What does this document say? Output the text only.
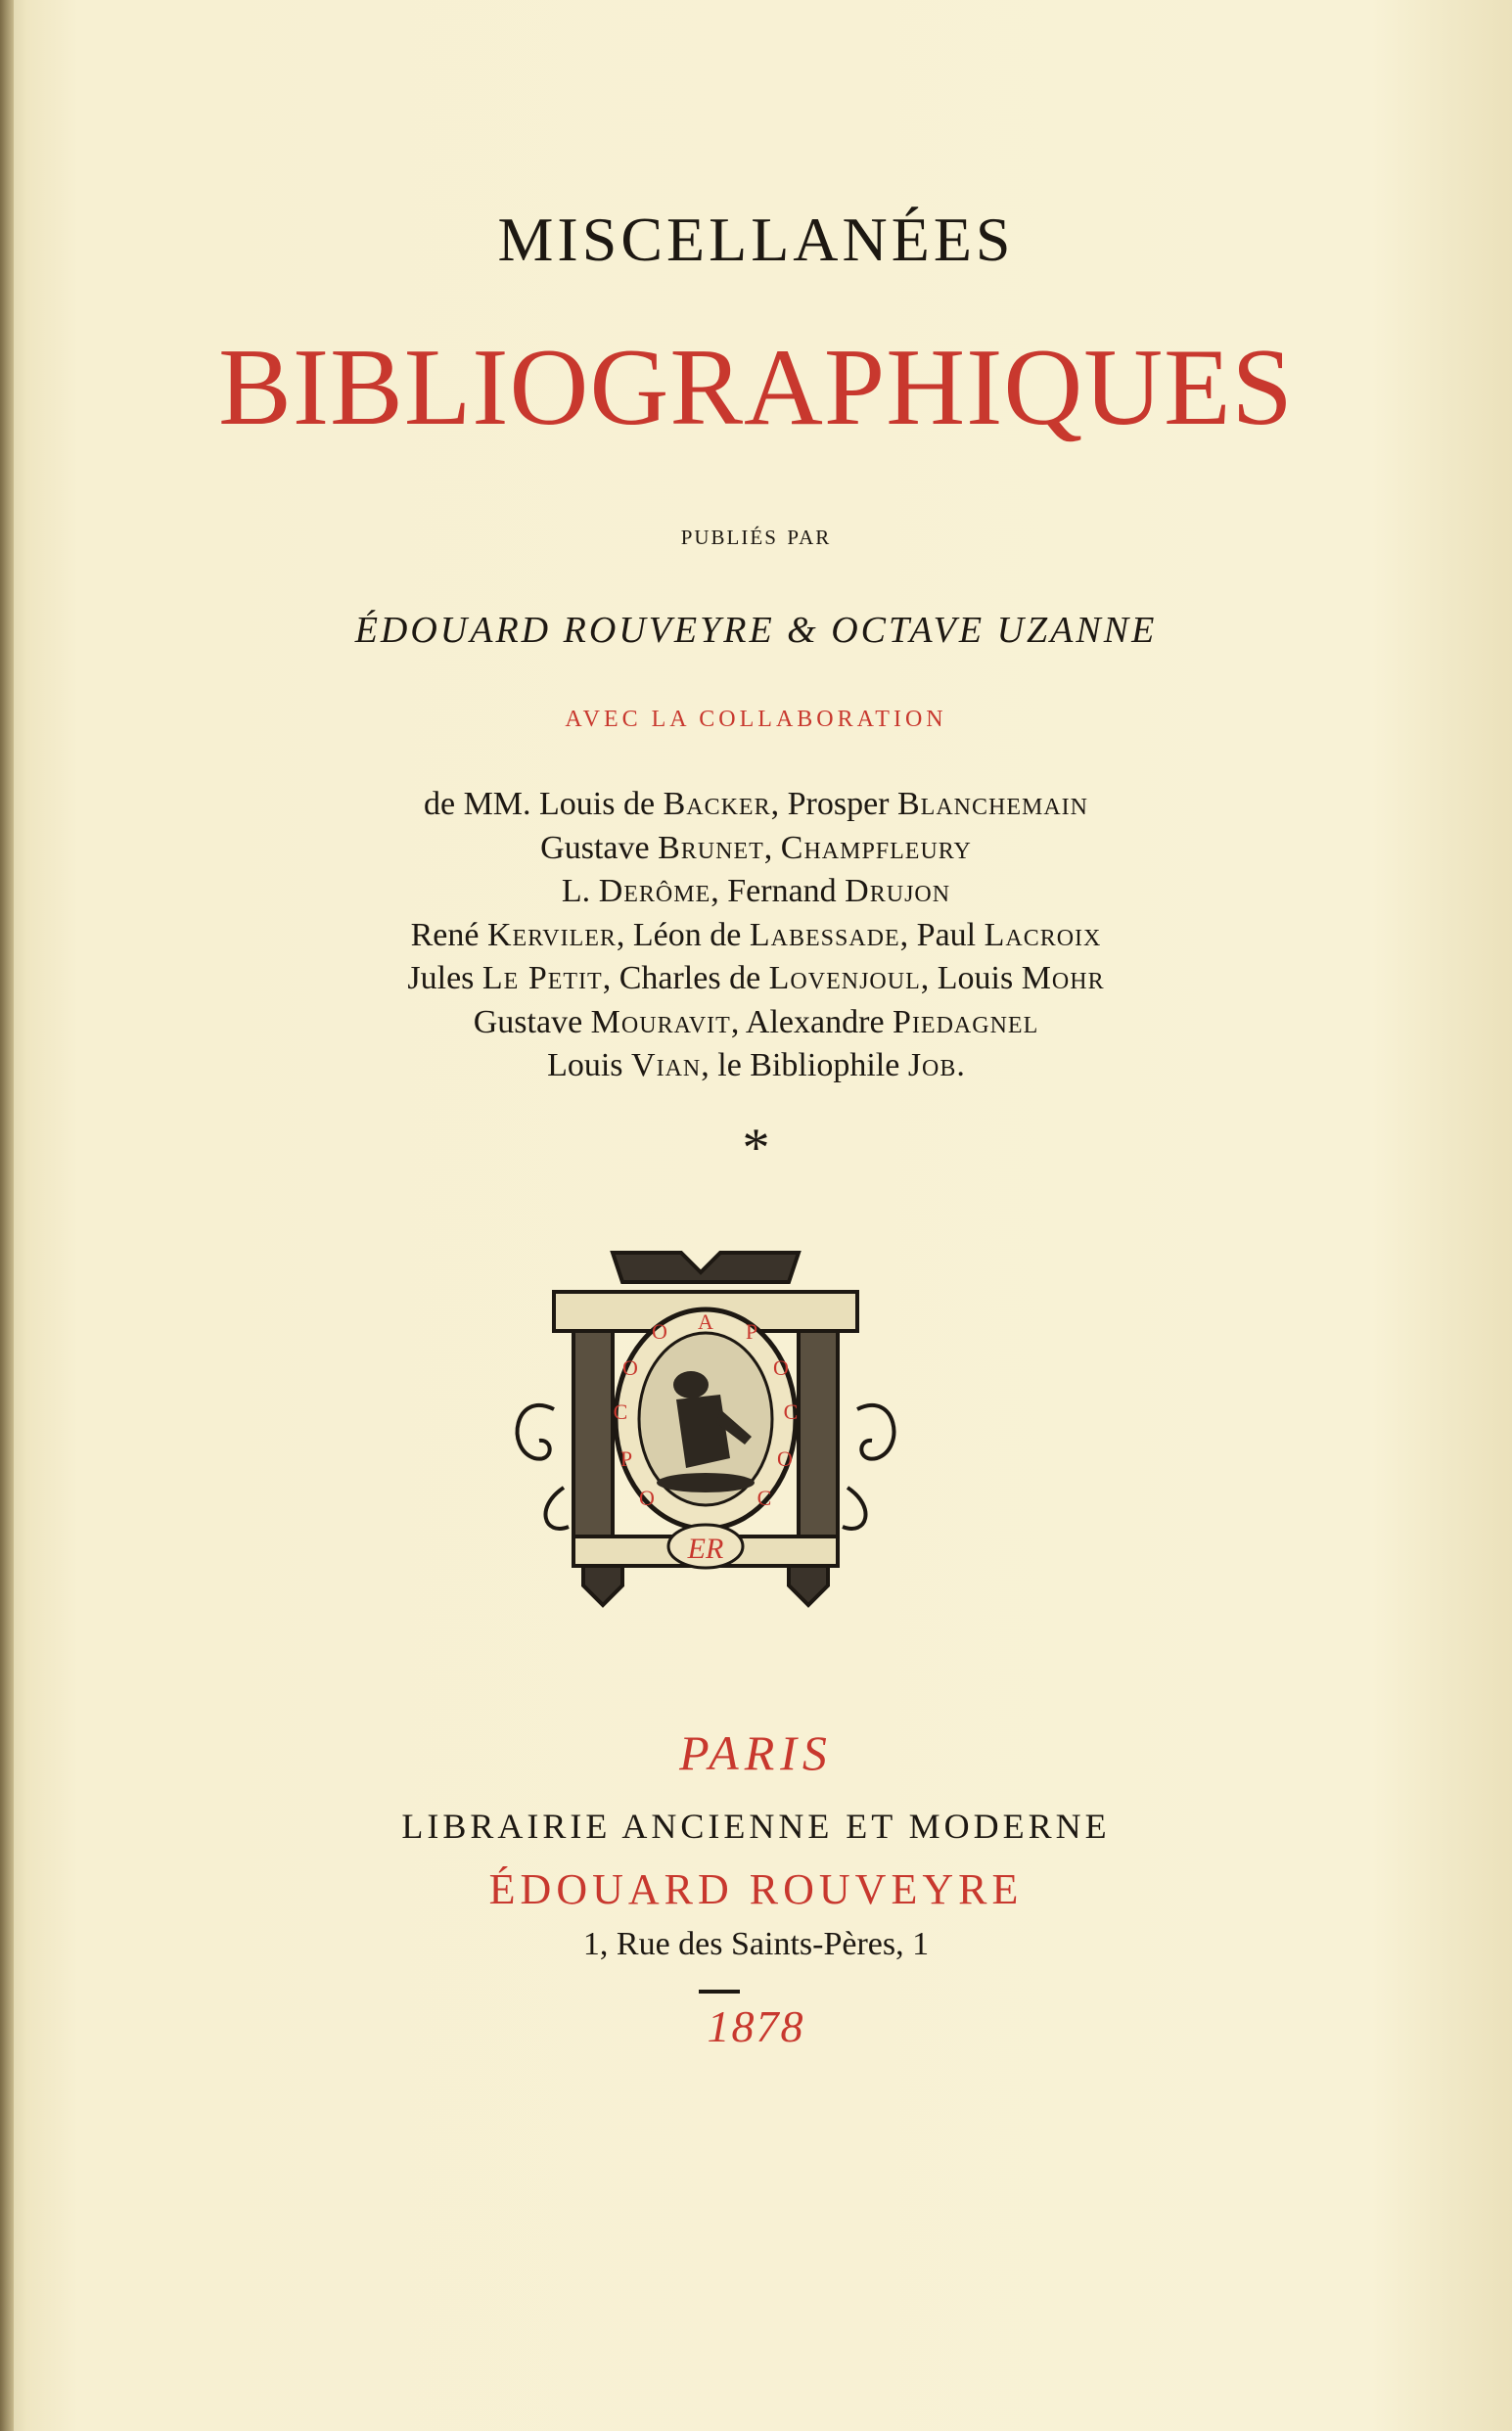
MISCELLANÉES
BIBLIOGRAPHIQUES
publiés par
ÉDOUARD ROUVEYRE & OCTAVE UZANNE
AVEC LA COLLABORATION
de MM. Louis de Backer, Prosper Blanchemain
Gustave Brunet, Champfleury
L. Derôme, Fernand Drujon
René Kerviler, Léon de Labessade, Paul Lacroix
Jules Le Petit, Charles de Lovenjoul, Louis Mohr
Gustave Mouravit, Alexandre Piedagnel
Louis Vian, le Bibliophile Job.
*
A
O	P
O	O
C	C
P	O
O	C
ER
PARIS
LIBRAIRIE ANCIENNE ET MODERNE
ÉDOUARD ROUVEYRE
1, Rue des Saints-Pères, 1
1878
